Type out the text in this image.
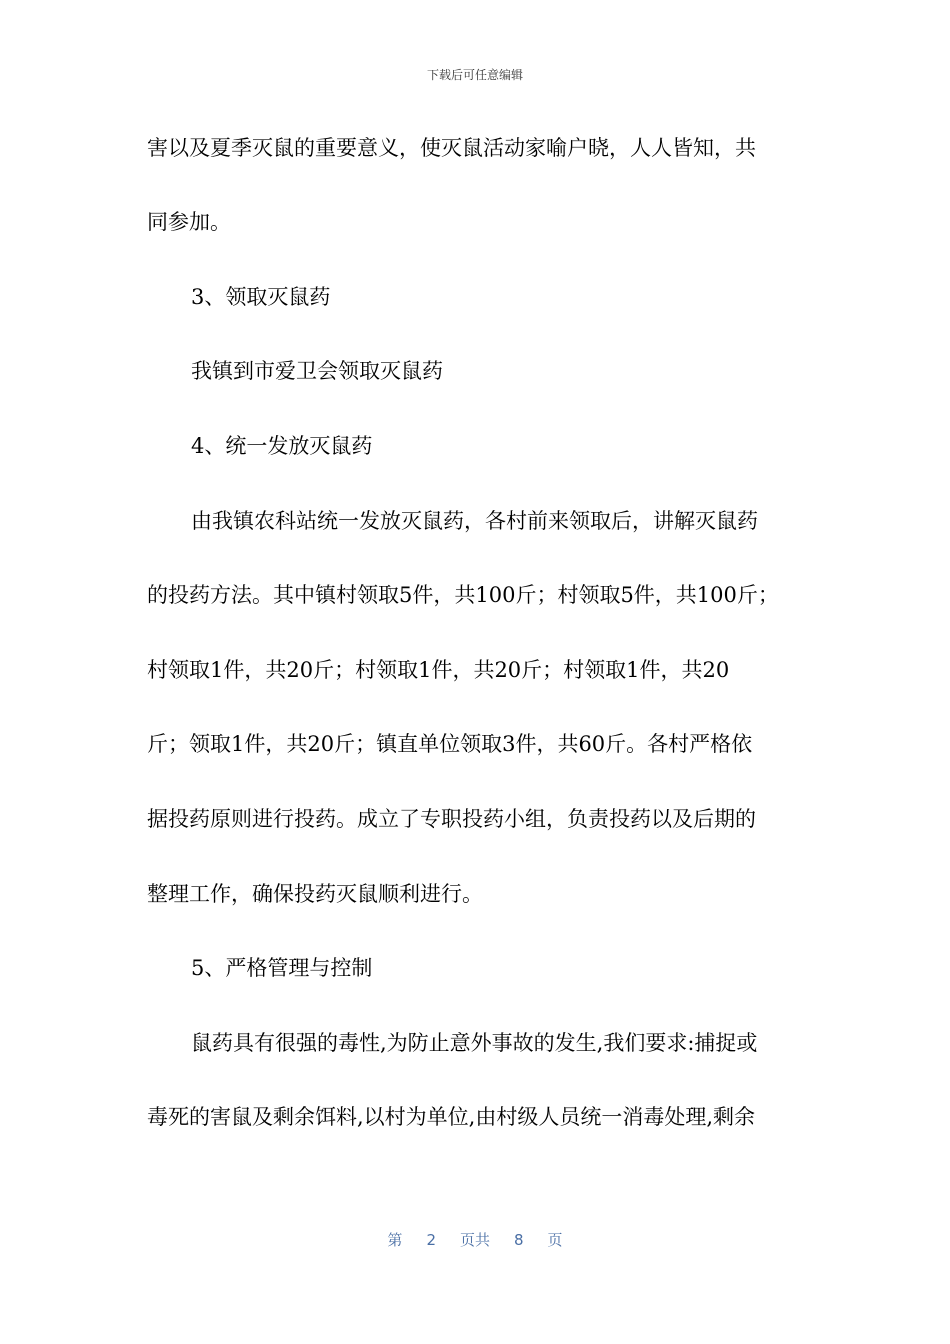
下载后可任意编辑
害以及夏季灭鼠的重要意义，使灭鼠活动家喻户晓，人人皆知，共
同参加。
3、领取灭鼠药
我镇到市爱卫会领取灭鼠药
4、统一发放灭鼠药
由我镇农科站统一发放灭鼠药，各村前来领取后，讲解灭鼠药
的投药方法。其中镇村领取5件，共100斤；村领取5件，共100斤；
村领取1件，共20斤；村领取1件，共20斤；村领取1件，共20
斤；领取1件，共20斤；镇直单位领取3件，共60斤。各村严格依
据投药原则进行投药。成立了专职投药小组，负责投药以及后期的
整理工作，确保投药灭鼠顺利进行。
5、严格管理与控制
鼠药具有很强的毒性,为防止意外事故的发生,我们要求:捕捉或
毒死的害鼠及剩余饵料,以村为单位,由村级人员统一消毒处理,剩余
第 2 页共 8 页
